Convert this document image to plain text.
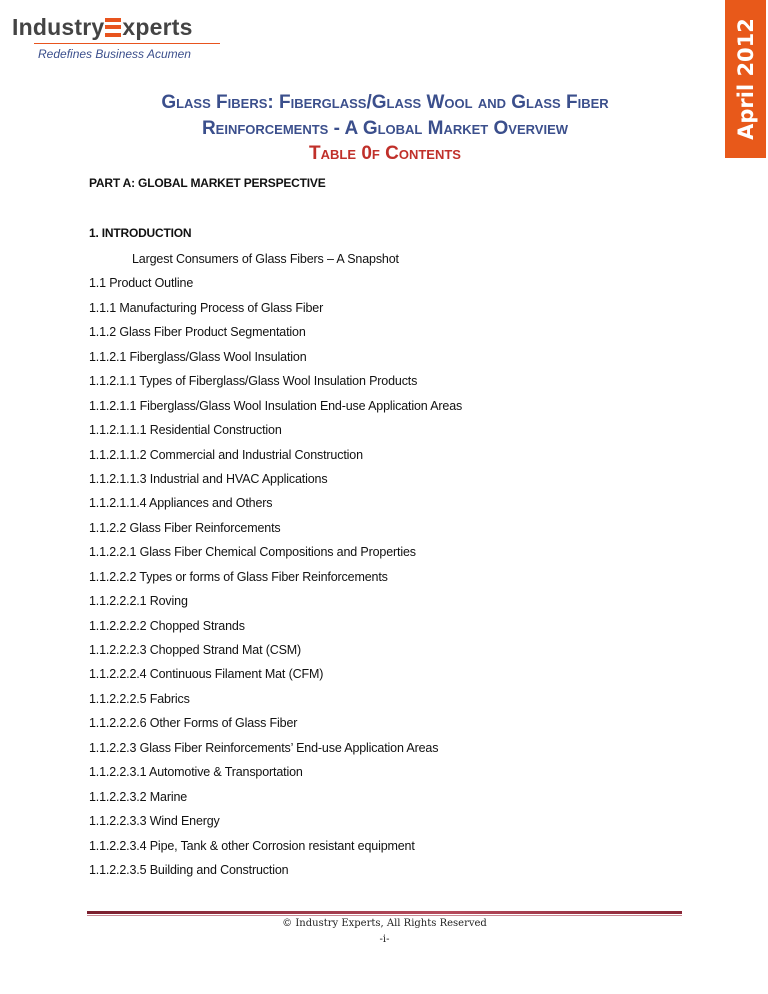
Industry xperts
Redefines Business Acumen	April 2012
Glass Fibers: Fiberglass/Glass Wool and Glass Fiber
Reinforcements - A Global Market Overview
Table 0f Contents
PART A: GLOBAL MARKET PERSPECTIVE
1. INTRODUCTION
Largest Consumers of Glass Fibers – A Snapshot
1.1 Product Outline
1.1.1 Manufacturing Process of Glass Fiber
1.1.2 Glass Fiber Product Segmentation
1.1.2.1 Fiberglass/Glass Wool Insulation
1.1.2.1.1 Types of Fiberglass/Glass Wool Insulation Products
1.1.2.1.1 Fiberglass/Glass Wool Insulation End-use Application Areas
1.1.2.1.1.1 Residential Construction
1.1.2.1.1.2 Commercial and Industrial Construction
1.1.2.1.1.3 Industrial and HVAC Applications
1.1.2.1.1.4 Appliances and Others
1.1.2.2 Glass Fiber Reinforcements
1.1.2.2.1 Glass Fiber Chemical Compositions and Properties
1.1.2.2.2 Types or forms of Glass Fiber Reinforcements
1.1.2.2.2.1 Roving
1.1.2.2.2.2 Chopped Strands
1.1.2.2.2.3 Chopped Strand Mat (CSM)
1.1.2.2.2.4 Continuous Filament Mat (CFM)
1.1.2.2.2.5 Fabrics
1.1.2.2.2.6 Other Forms of Glass Fiber
1.1.2.2.3 Glass Fiber Reinforcements’ End-use Application Areas
1.1.2.2.3.1 Automotive & Transportation
1.1.2.2.3.2 Marine
1.1.2.2.3.3 Wind Energy
1.1.2.2.3.4 Pipe, Tank & other Corrosion resistant equipment
1.1.2.2.3.5 Building and Construction
© Industry Experts, All Rights Reserved
-i-
